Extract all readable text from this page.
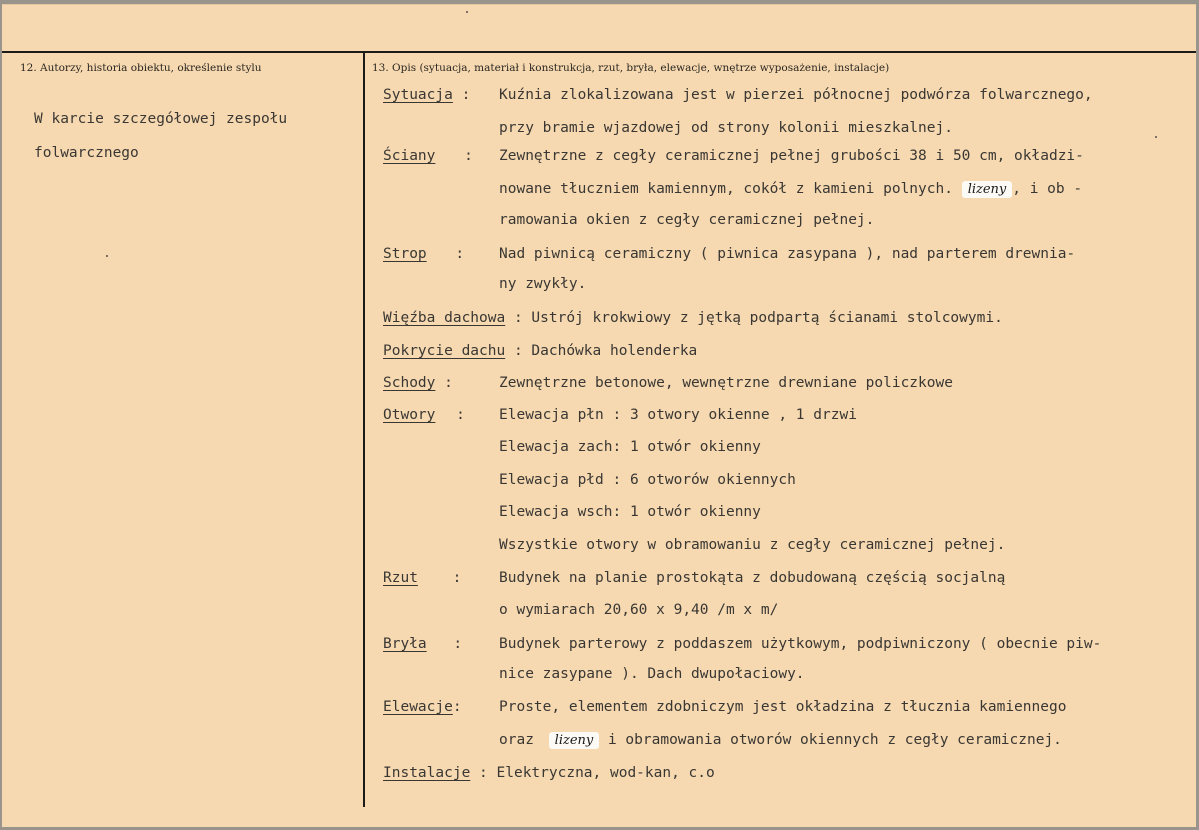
12. Autorzy, historia obiektu, określenie stylu	13. Opis (sytuacja, materiał i konstrukcja, rzut, bryła, elewacje, wnętrze wyposażenie, instalacje)
W karcie szczegółowej zespołu
folwarcznego
Sytuacja : Kuźnia zlokalizowana jest w pierzei północnej podwórza folwarcznego,
przy bramie wjazdowej od strony kolonii mieszkalnej.
Ściany : Zewnętrzne z cegły ceramicznej pełnej grubości 38 i 50 cm, okładzi-
nowane tłuczniem kamiennym, cokół z kamieni polnych. lizeny , i ob -
ramowania okien z cegły ceramicznej pełnej.
Strop : Nad piwnicą ceramiczny ( piwnica zasypana ), nad parterem drewnia-
ny zwykły.
Więźba dachowa : Ustrój krokwiowy z jętką podpartą ścianami stolcowymi.
Pokrycie dachu : Dachówka holenderka
Schody :	Zewnętrzne betonowe, wewnętrzne drewniane policzkowe
Otwory : Elewacja płn : 3 otwory okienne , 1 drzwi
Elewacja zach: 1 otwór okienny
Elewacja płd : 6 otworów okiennych
Elewacja wsch: 1 otwór okienny
Wszystkie otwory w obramowaniu z cegły ceramicznej pełnej.
Rzut :	Budynek na planie prostokąta z dobudowaną częścią socjalną
o wymiarach 20,60 x 9,40 /m x m/
Bryła :	Budynek parterowy z poddaszem użytkowym, podpiwniczony ( obecnie piw-
nice zasypane ). Dach dwupołaciowy.
Elewacje:	Proste, elementem zdobniczym jest okładzina z tłucznia kamiennego
oraz lizeny i obramowania otworów okiennych z cegły ceramicznej.
Instalacje : Elektryczna, wod-kan, c.o
